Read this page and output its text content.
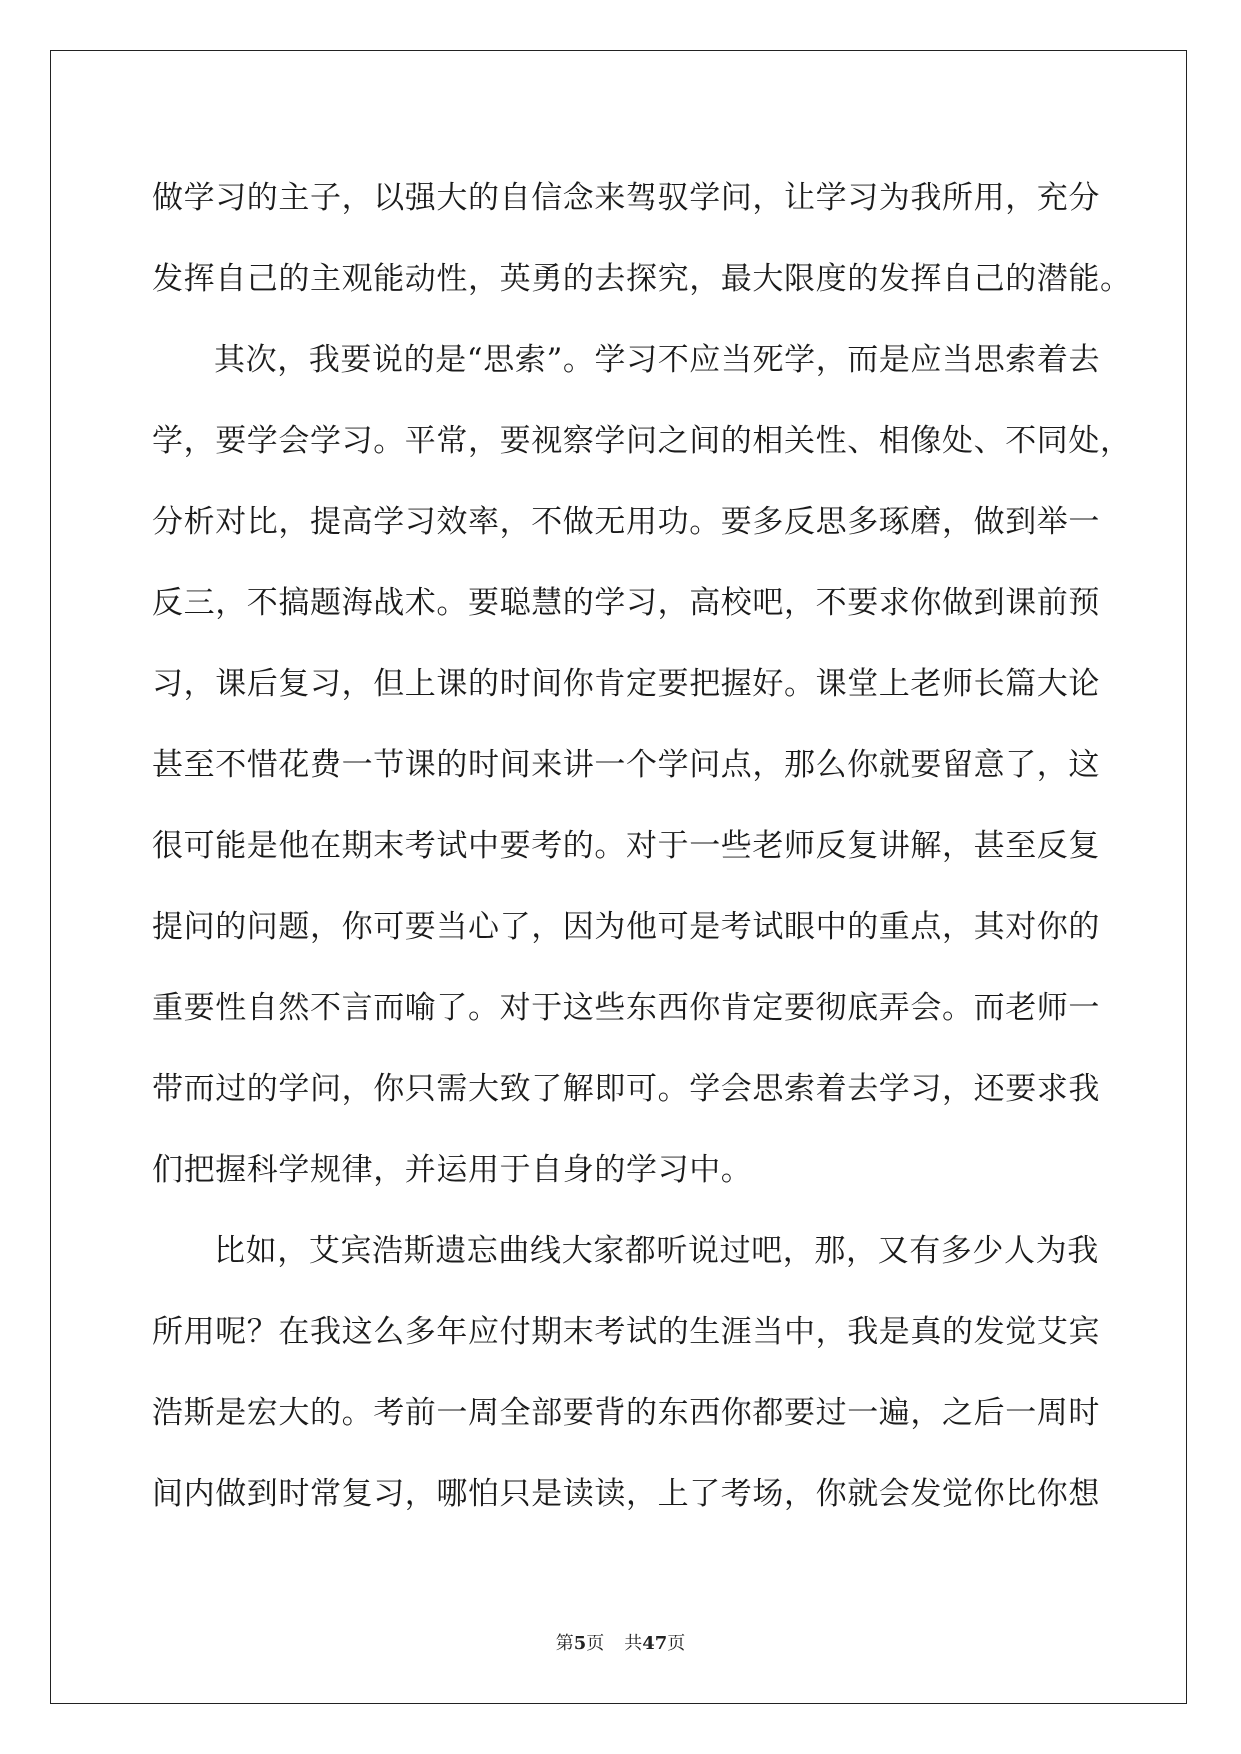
做学习的主子，以强大的自信念来驾驭学问，让学习为我所用，充分
发挥自己的主观能动性，英勇的去探究，最大限度的发挥自己的潜能。
其次，我要说的是“思索”。学习不应当死学，而是应当思索着去
学，要学会学习。平常，要视察学问之间的相关性、相像处、不同处，
分析对比，提高学习效率，不做无用功。要多反思多琢磨，做到举一
反三，不搞题海战术。要聪慧的学习，高校吧，不要求你做到课前预
习，课后复习，但上课的时间你肯定要把握好。课堂上老师长篇大论
甚至不惜花费一节课的时间来讲一个学问点，那么你就要留意了，这
很可能是他在期末考试中要考的。对于一些老师反复讲解，甚至反复
提问的问题，你可要当心了，因为他可是考试眼中的重点，其对你的
重要性自然不言而喻了。对于这些东西你肯定要彻底弄会。而老师一
带而过的学问，你只需大致了解即可。学会思索着去学习，还要求我
们把握科学规律，并运用于自身的学习中。
比如，艾宾浩斯遗忘曲线大家都听说过吧，那，又有多少人为我
所用呢？在我这么多年应付期末考试的生涯当中，我是真的发觉艾宾
浩斯是宏大的。考前一周全部要背的东西你都要过一遍，之后一周时
间内做到时常复习，哪怕只是读读，上了考场，你就会发觉你比你想
第5页 共47页
